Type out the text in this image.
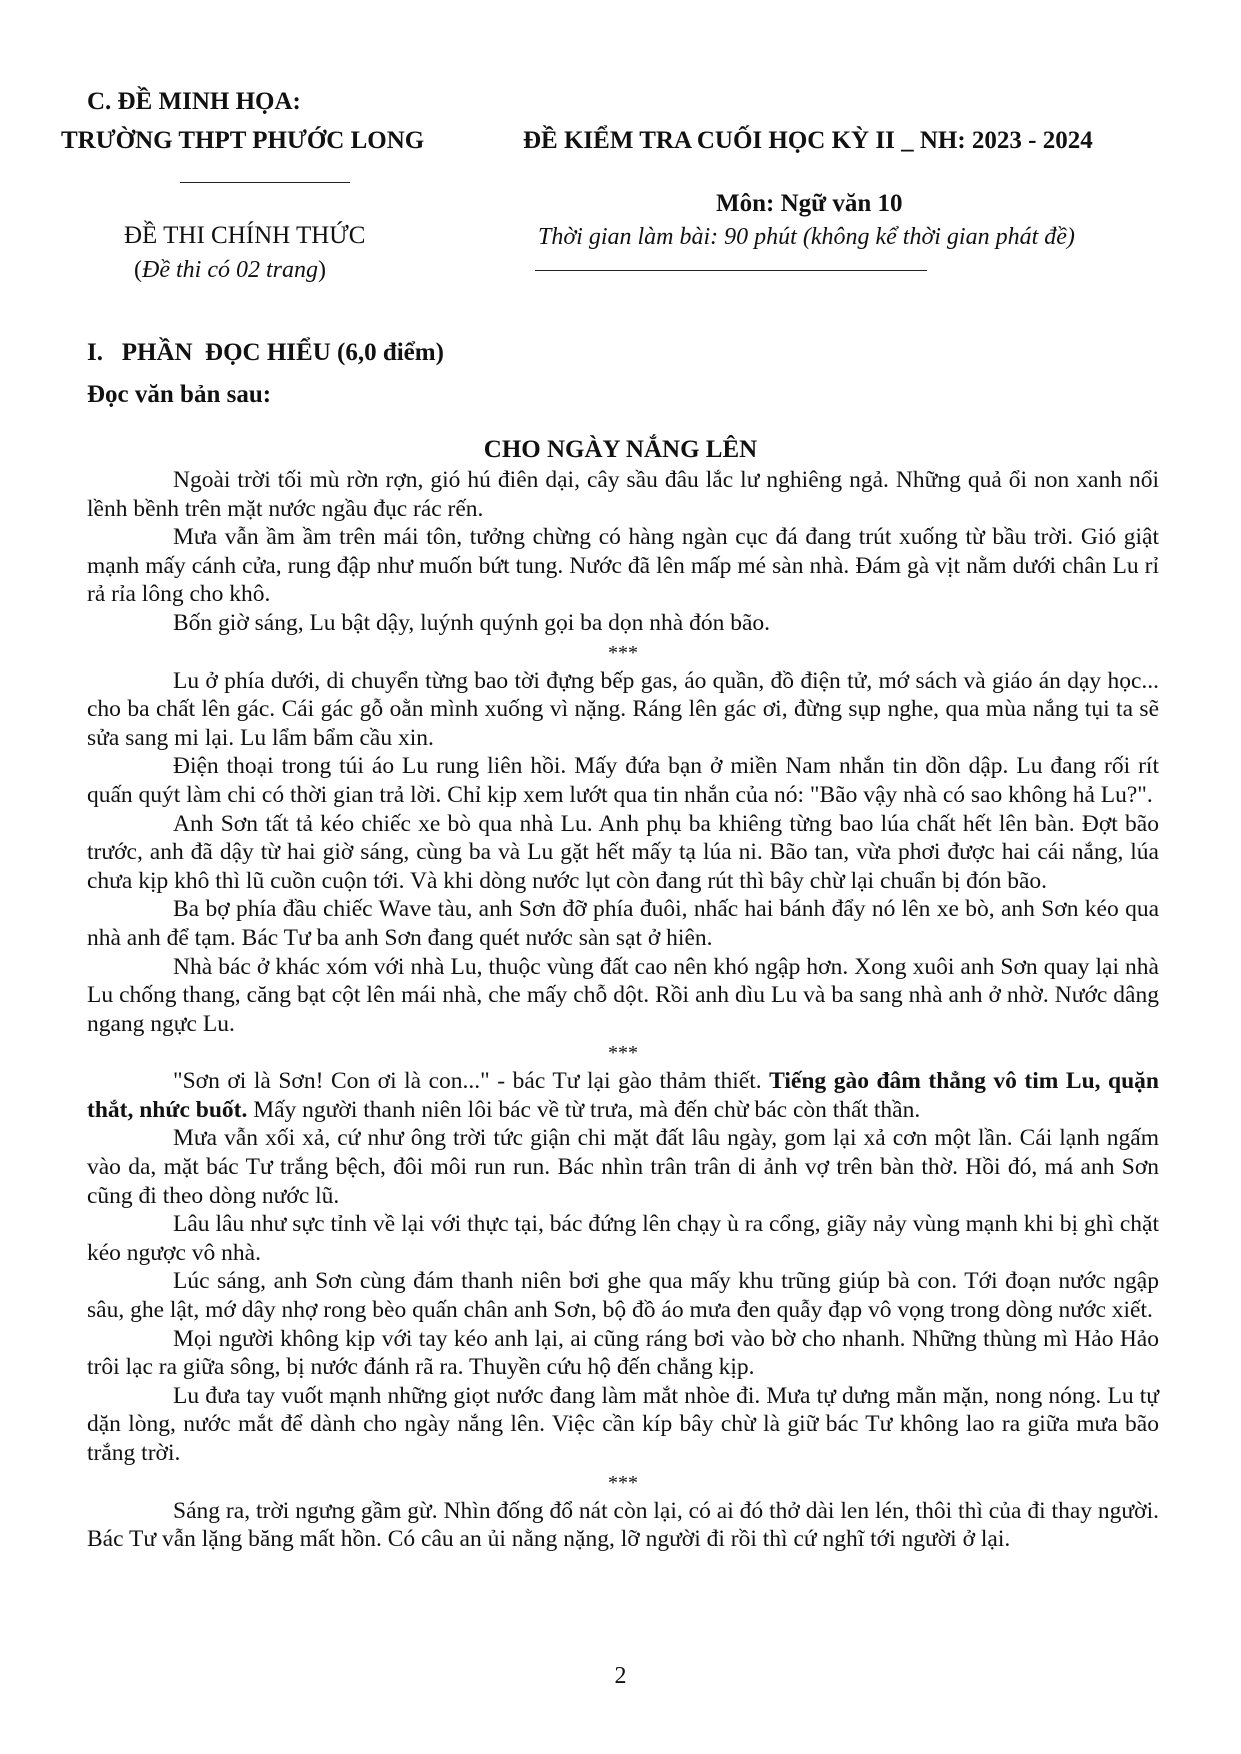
C. ĐỀ MINH HỌA:
TRƯỜNG THPT PHƯỚC LONG	ĐỀ KIỂM TRA CUỐI HỌC KỲ II _ NH: 2023 - 2024
Môn: Ngữ văn 10
ĐỀ THI CHÍNH THỨC	Thời gian làm bài: 90 phút (không kể thời gian phát đề)
(Đề thi có 02 trang)
I.   PHẦN  ĐỌC HIỂU (6,0 điểm)
Đọc văn bản sau:
CHO NGÀY NẮNG LÊN

Ngoài trời tối mù rờn rợn, gió hú điên dại, cây sầu đâu lắc lư nghiêng ngả. Những quả ổi non xanh nổi lềnh bềnh trên mặt nước ngầu đục rác rến.

Mưa vẫn ầm ầm trên mái tôn, tưởng chừng có hàng ngàn cục đá đang trút xuống từ bầu trời. Gió giật mạnh mấy cánh cửa, rung đập như muốn bứt tung. Nước đã lên mấp mé sàn nhà. Đám gà vịt nằm dưới chân Lu rỉ rả rỉa lông cho khô.

Bốn giờ sáng, Lu bật dậy, luýnh quýnh gọi ba dọn nhà đón bão.

***

Lu ở phía dưới, di chuyển từng bao tời đựng bếp gas, áo quần, đồ điện tử, mớ sách và giáo án dạy học... cho ba chất lên gác. Cái gác gỗ oằn mình xuống vì nặng. Ráng lên gác ơi, đừng sụp nghe, qua mùa nắng tụi ta sẽ sửa sang mi lại. Lu lẩm bẩm cầu xin.

Điện thoại trong túi áo Lu rung liên hồi. Mấy đứa bạn ở miền Nam nhắn tin dồn dập. Lu đang rối rít quấn quýt làm chi có thời gian trả lời. Chỉ kịp xem lướt qua tin nhắn của nó: "Bão vậy nhà có sao không hả Lu?".

Anh Sơn tất tả kéo chiếc xe bò qua nhà Lu. Anh phụ ba khiêng từng bao lúa chất hết lên bàn. Đợt bão trước, anh đã dậy từ hai giờ sáng, cùng ba và Lu gặt hết mấy tạ lúa ni. Bão tan, vừa phơi được hai cái nắng, lúa chưa kịp khô thì lũ cuồn cuộn tới. Và khi dòng nước lụt còn đang rút thì bây chừ lại chuẩn bị đón bão.

Ba bợ phía đầu chiếc Wave tàu, anh Sơn đỡ phía đuôi, nhấc hai bánh đẩy nó lên xe bò, anh Sơn kéo qua nhà anh để tạm. Bác Tư ba anh Sơn đang quét nước sàn sạt ở hiên.

Nhà bác ở khác xóm với nhà Lu, thuộc vùng đất cao nên khó ngập hơn. Xong xuôi anh Sơn quay lại nhà Lu chống thang, căng bạt cột lên mái nhà, che mấy chỗ dột. Rồi anh dìu Lu và ba sang nhà anh ở nhờ. Nước dâng ngang ngực Lu.

***

"Sơn ơi là Sơn! Con ơi là con..." - bác Tư lại gào thảm thiết. Tiếng gào đâm thẳng vô tim Lu, quặn thắt, nhức buốt. Mấy người thanh niên lôi bác về từ trưa, mà đến chừ bác còn thất thần.

Mưa vẫn xối xả, cứ như ông trời tức giận chi mặt đất lâu ngày, gom lại xả cơn một lần. Cái lạnh ngấm vào da, mặt bác Tư trắng bệch, đôi môi run run. Bác nhìn trân trân di ảnh vợ trên bàn thờ. Hồi đó, má anh Sơn cũng đi theo dòng nước lũ.

Lâu lâu như sực tỉnh về lại với thực tại, bác đứng lên chạy ù ra cổng, giãy nảy vùng mạnh khi bị ghì chặt kéo ngược vô nhà.

Lúc sáng, anh Sơn cùng đám thanh niên bơi ghe qua mấy khu trũng giúp bà con. Tới đoạn nước ngập sâu, ghe lật, mớ dây nhợ rong bèo quấn chân anh Sơn, bộ đồ áo mưa đen quẫy đạp vô vọng trong dòng nước xiết.

Mọi người không kịp với tay kéo anh lại, ai cũng ráng bơi vào bờ cho nhanh. Những thùng mì Hảo Hảo trôi lạc ra giữa sông, bị nước đánh rã ra. Thuyền cứu hộ đến chẳng kịp.

Lu đưa tay vuốt mạnh những giọt nước đang làm mắt nhòe đi. Mưa tự dưng mằn mặn, nong nóng. Lu tự dặn lòng, nước mắt để dành cho ngày nắng lên. Việc cần kíp bây chừ là giữ bác Tư không lao ra giữa mưa bão trắng trời.

***

Sáng ra, trời ngưng gầm gừ. Nhìn đống đổ nát còn lại, có ai đó thở dài len lén, thôi thì của đi thay người. Bác Tư vẫn lặng băng mất hồn. Có câu an ủi nằng nặng, lỡ người đi rồi thì cứ nghĩ tới người ở lại.

2
